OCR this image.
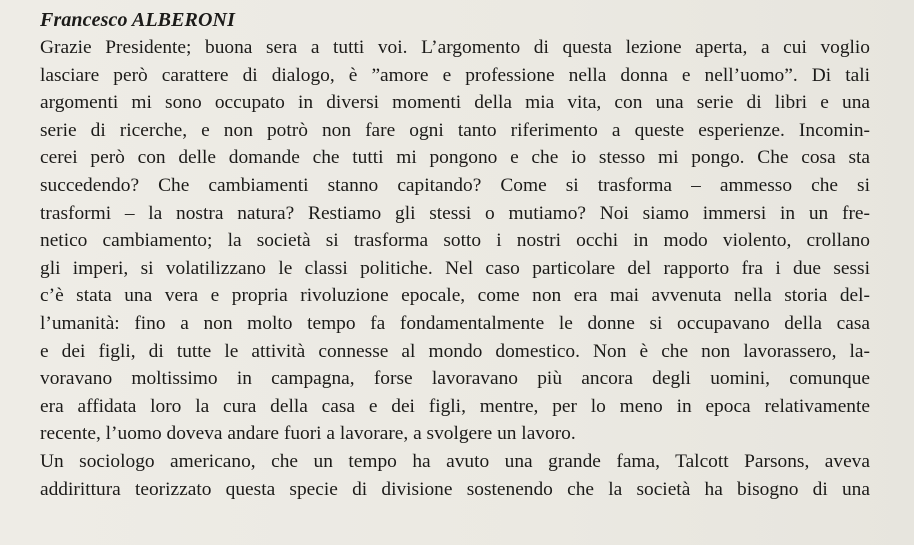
Francesco ALBERONI
Grazie Presidente; buona sera a tutti voi. L’argomento di questa lezione aperta, a cui voglio
lasciare però carattere di dialogo, è ”amore e professione nella donna e nell’uomo”. Di tali
argomenti mi sono occupato in diversi momenti della mia vita, con una serie di libri e una
serie di ricerche, e non potrò non fare ogni tanto riferimento a queste esperienze. Incomin-
cerei però con delle domande che tutti mi pongono e che io stesso mi pongo. Che cosa sta
succedendo? Che cambiamenti stanno capitando? Come si trasforma – ammesso che si
trasformi – la nostra natura? Restiamo gli stessi o mutiamo? Noi siamo immersi in un fre-
netico cambiamento; la società si trasforma sotto i nostri occhi in modo violento, crollano
gli imperi, si volatilizzano le classi politiche. Nel caso particolare del rapporto fra i due sessi
c’è stata una vera e propria rivoluzione epocale, come non era mai avvenuta nella storia del-
l’umanità: fino a non molto tempo fa fondamentalmente le donne si occupavano della casa
e dei figli, di tutte le attività connesse al mondo domestico. Non è che non lavorassero, la-
voravano moltissimo in campagna, forse lavoravano più ancora degli uomini, comunque
era affidata loro la cura della casa e dei figli, mentre, per lo meno in epoca relativamente
recente, l’uomo doveva andare fuori a lavorare, a svolgere un lavoro.
Un sociologo americano, che un tempo ha avuto una grande fama, Talcott Parsons, aveva
addirittura teorizzato questa specie di divisione sostenendo che la società ha bisogno di una
